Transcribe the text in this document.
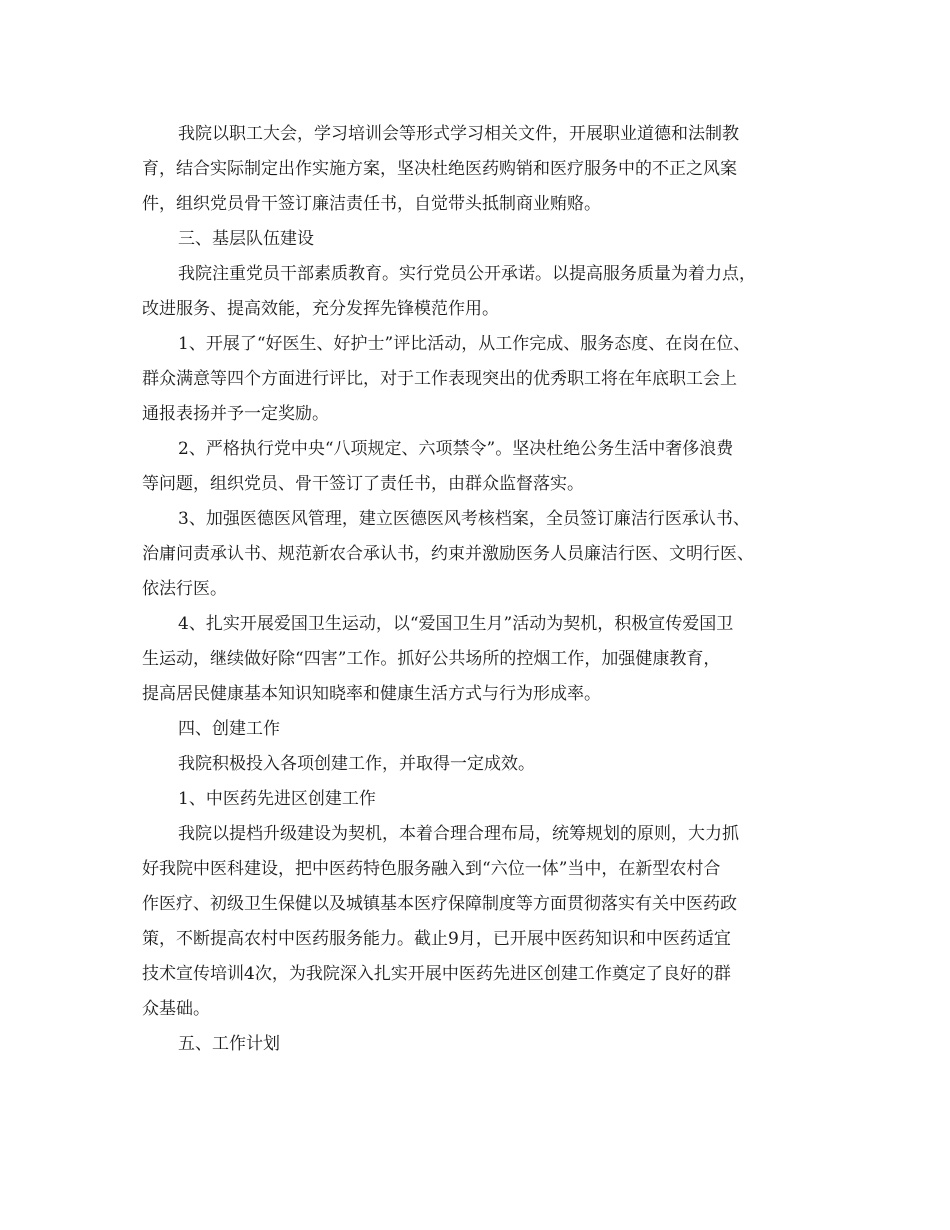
我院以职工大会，学习培训会等形式学习相关文件，开展职业道德和法制教
育，结合实际制定出作实施方案，坚决杜绝医药购销和医疗服务中的不正之风案
件，组织党员骨干签订廉洁责任书，自觉带头抵制商业贿赂。
三、基层队伍建设
我院注重党员干部素质教育。实行党员公开承诺。以提高服务质量为着力点，
改进服务、提高效能，充分发挥先锋模范作用。
1、开展了“好医生、好护士”评比活动，从工作完成、服务态度、在岗在位、
群众满意等四个方面进行评比，对于工作表现突出的优秀职工将在年底职工会上
通报表扬并予一定奖励。
2、严格执行党中央“八项规定、六项禁令”。坚决杜绝公务生活中奢侈浪费
等问题，组织党员、骨干签订了责任书，由群众监督落实。
3、加强医德医风管理，建立医德医风考核档案，全员签订廉洁行医承认书、
治庸问责承认书、规范新农合承认书，约束并激励医务人员廉洁行医、文明行医、
依法行医。
4、扎实开展爱国卫生运动，以“爱国卫生月”活动为契机，积极宣传爱国卫
生运动，继续做好除“四害”工作。抓好公共场所的控烟工作，加强健康教育，
提高居民健康基本知识知晓率和健康生活方式与行为形成率。
四、创建工作
我院积极投入各项创建工作，并取得一定成效。
1、中医药先进区创建工作
我院以提档升级建设为契机，本着合理合理布局，统筹规划的原则，大力抓
好我院中医科建设，把中医药特色服务融入到“六位一体”当中，在新型农村合
作医疗、初级卫生保健以及城镇基本医疗保障制度等方面贯彻落实有关中医药政
策，不断提高农村中医药服务能力。截止9月，已开展中医药知识和中医药适宜
技术宣传培训4次，为我院深入扎实开展中医药先进区创建工作奠定了良好的群
众基础。
五、工作计划
